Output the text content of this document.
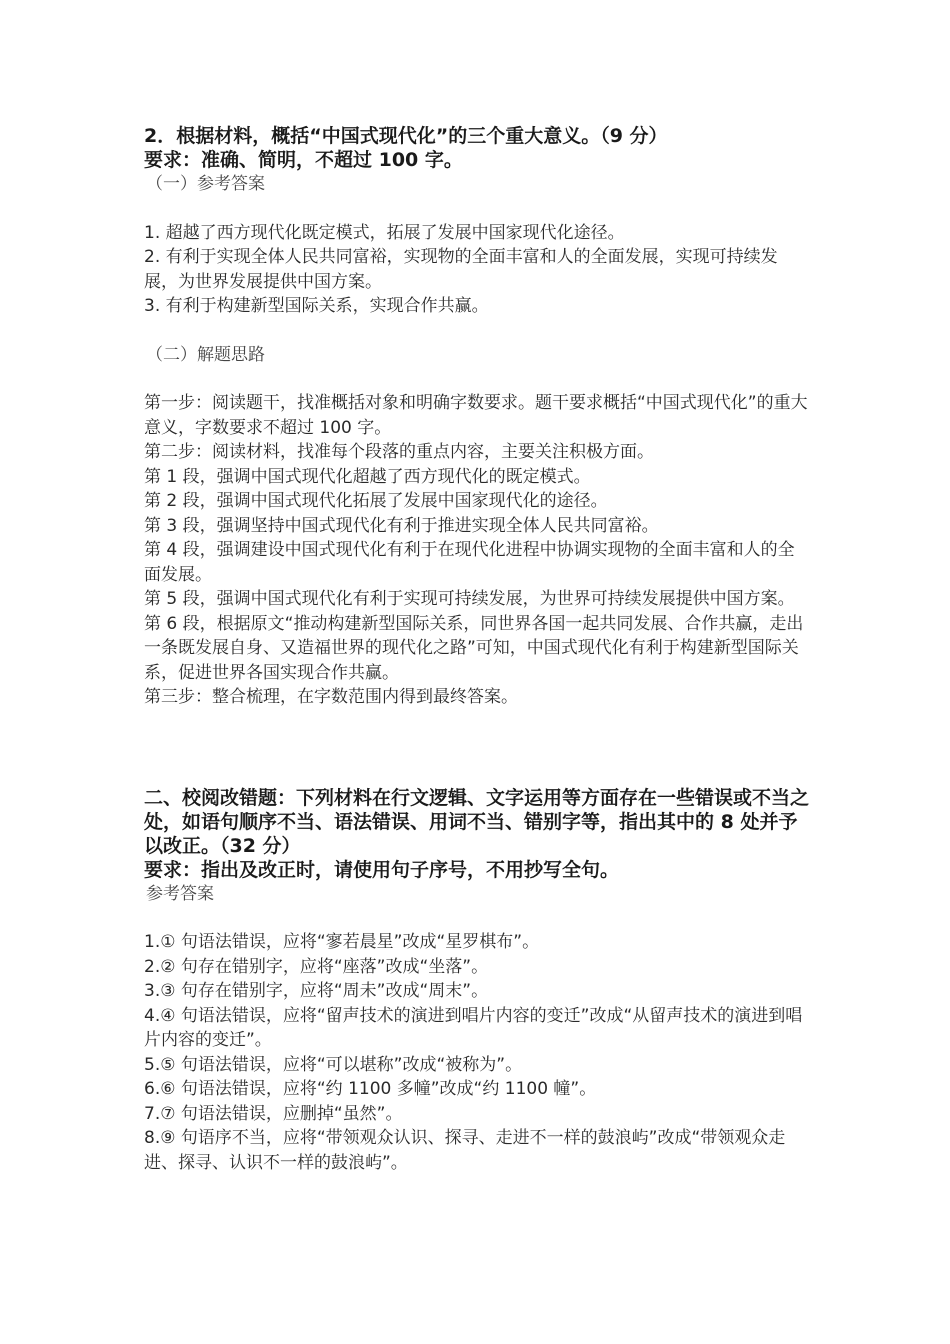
2．根据材料，概括“中国式现代化”的三个重大意义。（9 分）

要求：准确、简明，不超过 100 字。

（一）参考答案

1. 超越了西方现代化既定模式，拓展了发展中国家现代化途径。

2. 有利于实现全体人民共同富裕，实现物的全面丰富和人的全面发展，实现可持续发展，为世界发展提供中国方案。

3. 有利于构建新型国际关系，实现合作共赢。

（二）解题思路

第一步：阅读题干，找准概括对象和明确字数要求。题干要求概括“中国式现代化”的重大意义，字数要求不超过 100 字。

第二步：阅读材料，找准每个段落的重点内容，主要关注积极方面。

第 1 段，强调中国式现代化超越了西方现代化的既定模式。

第 2 段，强调中国式现代化拓展了发展中国家现代化的途径。

第 3 段，强调坚持中国式现代化有利于推进实现全体人民共同富裕。

第 4 段，强调建设中国式现代化有利于在现代化进程中协调实现物的全面丰富和人的全面发展。

第 5 段，强调中国式现代化有利于实现可持续发展，为世界可持续发展提供中国方案。

第 6 段，根据原文“推动构建新型国际关系，同世界各国一起共同发展、合作共赢，走出一条既发展自身、又造福世界的现代化之路”可知，中国式现代化有利于构建新型国际关系，促进世界各国实现合作共赢。

第三步：整合梳理，在字数范围内得到最终答案。

二、校阅改错题：下列材料在行文逻辑、文字运用等方面存在一些错误或不当之处，如语句顺序不当、语法错误、用词不当、错别字等，指出其中的 8 处并予以改正。（32 分）

要求：指出及改正时，请使用句子序号，不用抄写全句。

参考答案

1.① 句语法错误，应将“寥若晨星”改成“星罗棋布”。

2.② 句存在错别字，应将“座落”改成“坐落”。

3.③ 句存在错别字，应将“周未”改成“周末”。

4.④ 句语法错误，应将“留声技术的演进到唱片内容的变迁”改成“从留声技术的演进到唱片内容的变迁”。

5.⑤ 句语法错误，应将“可以堪称”改成“被称为”。

6.⑥ 句语法错误，应将“约 1100 多幢”改成“约 1100 幢”。

7.⑦ 句语法错误，应删掉“虽然”。

8.⑨ 句语序不当，应将“带领观众认识、探寻、走进不一样的鼓浪屿”改成“带领观众走进、探寻、认识不一样的鼓浪屿”。
